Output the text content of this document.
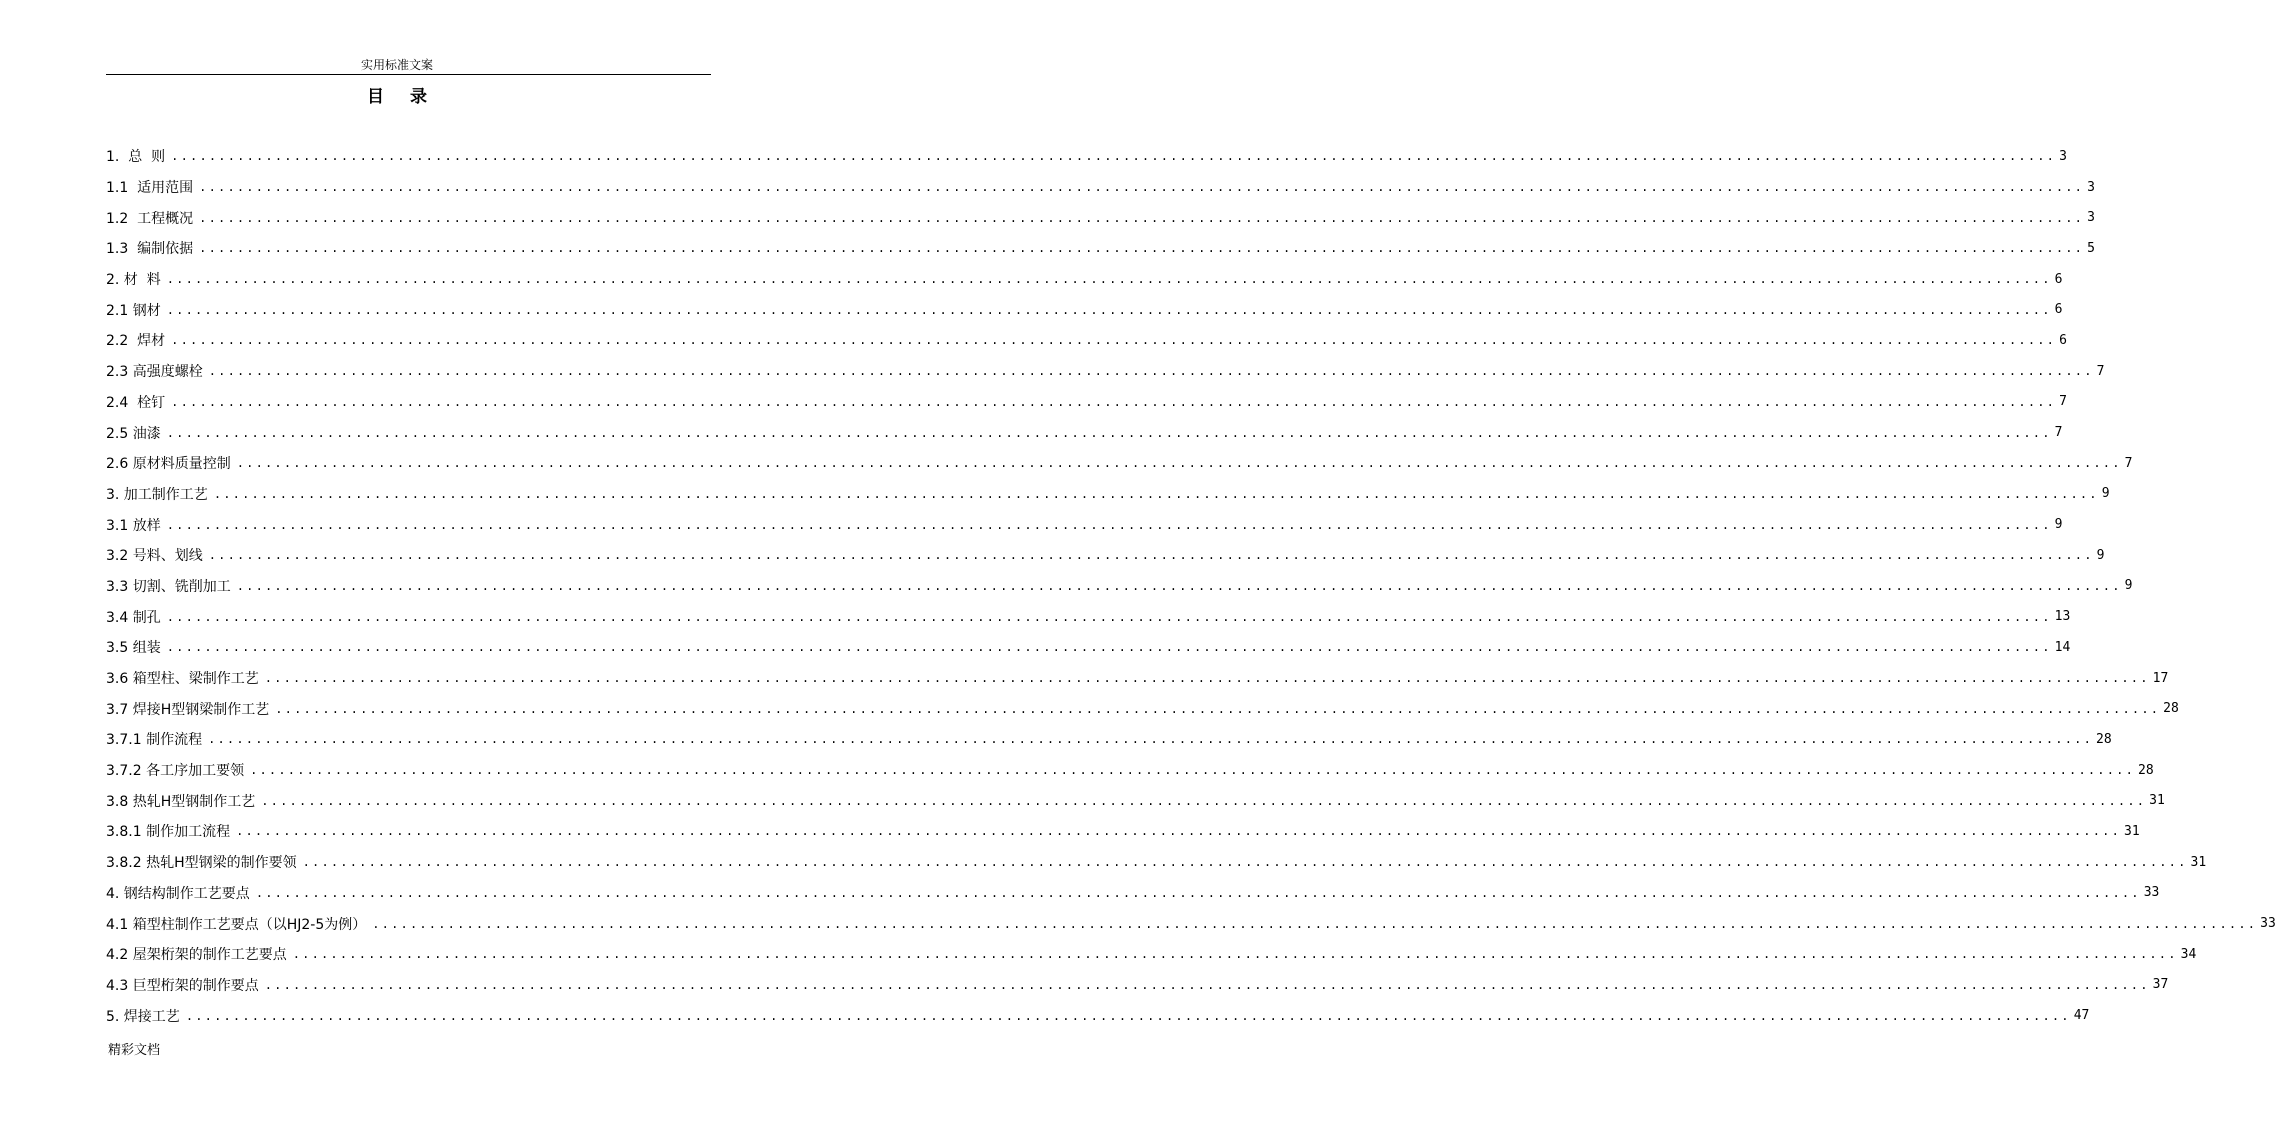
实用标准文案
目 录
1.  总  则 ........................................................................................................................................................................................................ 3
1.1  适用范围 ........................................................................................................................................................................................................ 3
1.2  工程概况 ........................................................................................................................................................................................................ 3
1.3  编制依据 ........................................................................................................................................................................................................ 5
2. 材  料 ........................................................................................................................................................................................................ 6
2.1 钢材 ........................................................................................................................................................................................................ 6
2.2  焊材 ........................................................................................................................................................................................................ 6
2.3 高强度螺栓 ........................................................................................................................................................................................................ 7
2.4  栓钉 ........................................................................................................................................................................................................ 7
2.5 油漆 ........................................................................................................................................................................................................ 7
2.6 原材料质量控制 ........................................................................................................................................................................................................ 7
3. 加工制作工艺 ........................................................................................................................................................................................................ 9
3.1 放样 ........................................................................................................................................................................................................ 9
3.2 号料、划线 ........................................................................................................................................................................................................ 9
3.3 切割、铣削加工 ........................................................................................................................................................................................................ 9
3.4 制孔 ........................................................................................................................................................................................................ 13
3.5 组装 ........................................................................................................................................................................................................ 14
3.6 箱型柱、梁制作工艺 ........................................................................................................................................................................................................ 17
3.7 焊接H型钢梁制作工艺 ........................................................................................................................................................................................................ 28
3.7.1 制作流程 ........................................................................................................................................................................................................ 28
3.7.2 各工序加工要领 ........................................................................................................................................................................................................ 28
3.8 热轧H型钢制作工艺 ........................................................................................................................................................................................................ 31
3.8.1 制作加工流程 ........................................................................................................................................................................................................ 31
3.8.2 热轧H型钢梁的制作要领 ........................................................................................................................................................................................................ 31
4. 钢结构制作工艺要点 ........................................................................................................................................................................................................ 33
4.1 箱型柱制作工艺要点（以HJ2-5为例） ........................................................................................................................................................................................................ 33
4.2 屋架桁架的制作工艺要点 ........................................................................................................................................................................................................ 34
4.3 巨型桁架的制作要点 ........................................................................................................................................................................................................ 37
5. 焊接工艺 ........................................................................................................................................................................................................ 47
精彩文档
